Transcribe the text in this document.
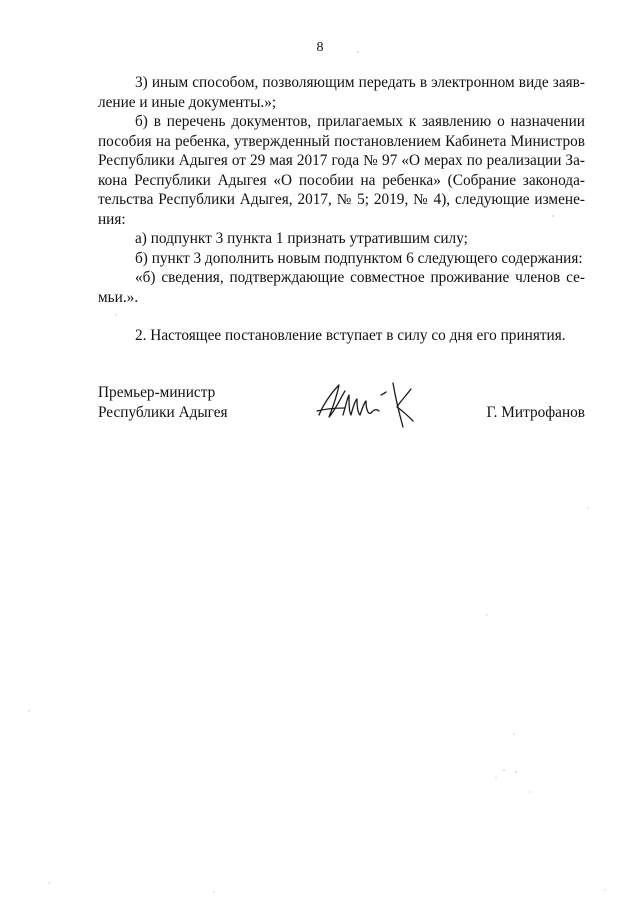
8

3) иным способом, позволяющим передать в электронном виде заявление и иные документы.»;

б) в перечень документов, прилагаемых к заявлению о назначении пособия на ребенка, утвержденный постановлением Кабинета Министров Республики Адыгея от 29 мая 2017 года № 97 «О мерах по реализации Закона Республики Адыгея «О пособии на ребенка» (Собрание законодательства Республики Адыгея, 2017, № 5; 2019, № 4), следующие изменения:

а) подпункт 3 пункта 1 признать утратившим силу;

б) пункт 3 дополнить новым подпунктом 6 следующего содержания:

«б) сведения, подтверждающие совместное проживание членов семьи.».

2. Настоящее постановление вступает в силу со дня его принятия.

Премьер-министр
Республики Адыгея	Г. Митрофанов
